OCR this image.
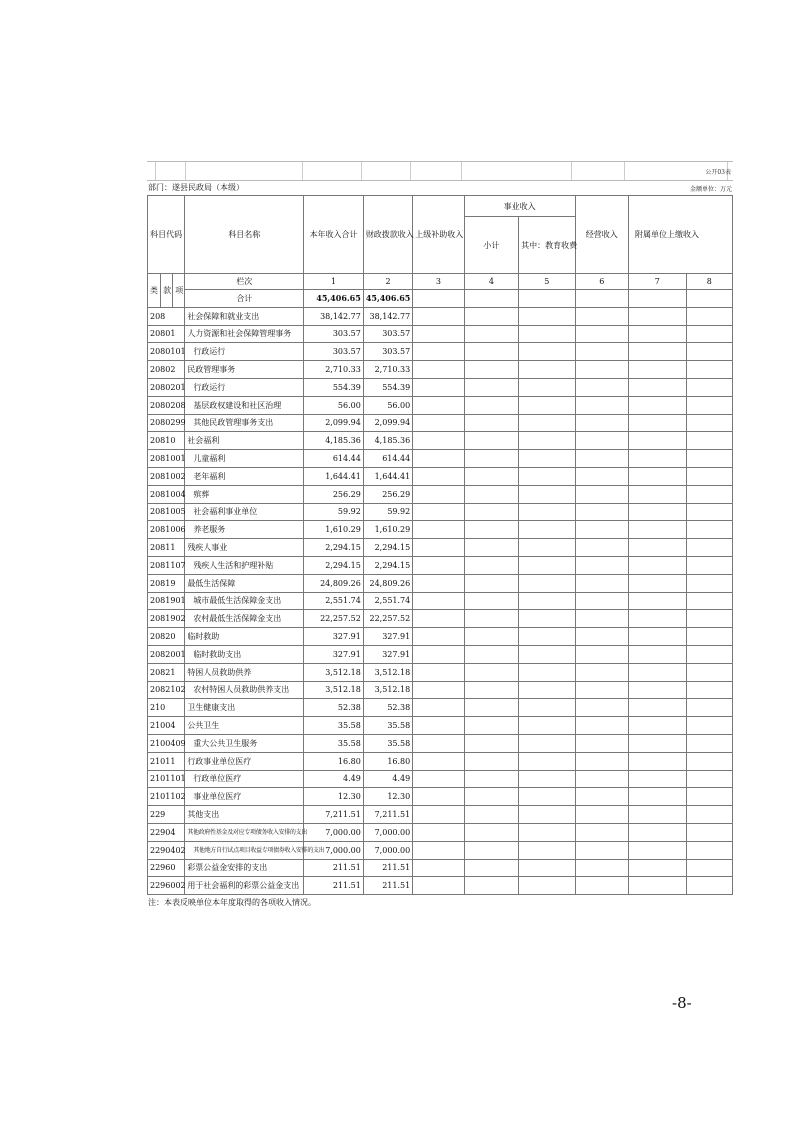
公开03表
部门：遂县民政局（本级）	金额单位：万元
科目代码			科目名称	本年收入合计	财政拨款收入	上级补助收入	事业收入		经营收入	附属单位上缴收入
							小计	其中：教育收费			

类	款	项	栏次	1	2	3	4	5	6	7	8
			合计	45,406.65	45,406.65						
208			社会保障和就业支出	38,142.77	38,142.77						
20801			人力资源和社会保障管理事务	303.57	303.57						
2080101			行政运行	303.57	303.57						
20802			民政管理事务	2,710.33	2,710.33						
2080201			行政运行	554.39	554.39						
2080208			基层政权建设和社区治理	56.00	56.00						
2080299			其他民政管理事务支出	2,099.94	2,099.94						
20810			社会福利	4,185.36	4,185.36						
2081001			儿童福利	614.44	614.44						
2081002			老年福利	1,644.41	1,644.41						
2081004			殡葬	256.29	256.29						
2081005			社会福利事业单位	59.92	59.92						
2081006			养老服务	1,610.29	1,610.29						
20811			残疾人事业	2,294.15	2,294.15						
2081107			残疾人生活和护理补贴	2,294.15	2,294.15						
20819			最低生活保障	24,809.26	24,809.26						
2081901			城市最低生活保障金支出	2,551.74	2,551.74						
2081902			农村最低生活保障金支出	22,257.52	22,257.52						
20820			临时救助	327.91	327.91						
2082001			临时救助支出	327.91	327.91						
20821			特困人员救助供养	3,512.18	3,512.18						
2082102			农村特困人员救助供养支出	3,512.18	3,512.18						
210			卫生健康支出	52.38	52.38						
21004			公共卫生	35.58	35.58						
2100409			重大公共卫生服务	35.58	35.58						
21011			行政事业单位医疗	16.80	16.80						
2101101			行政单位医疗	4.49	4.49						
2101102			事业单位医疗	12.30	12.30						
229			其他支出	7,211.51	7,211.51						
22904			其他政府性基金及对应专项债务收入安排的支出	7,000.00	7,000.00						
2290402			其他地方自行试点项目收益专项债券收入安排的支出	7,000.00	7,000.00						
22960			彩票公益金安排的支出	211.51	211.51						
2296002			用于社会福利的彩票公益金支出	211.51	211.51						
注：本表反映单位本年度取得的各项收入情况。
-8-
